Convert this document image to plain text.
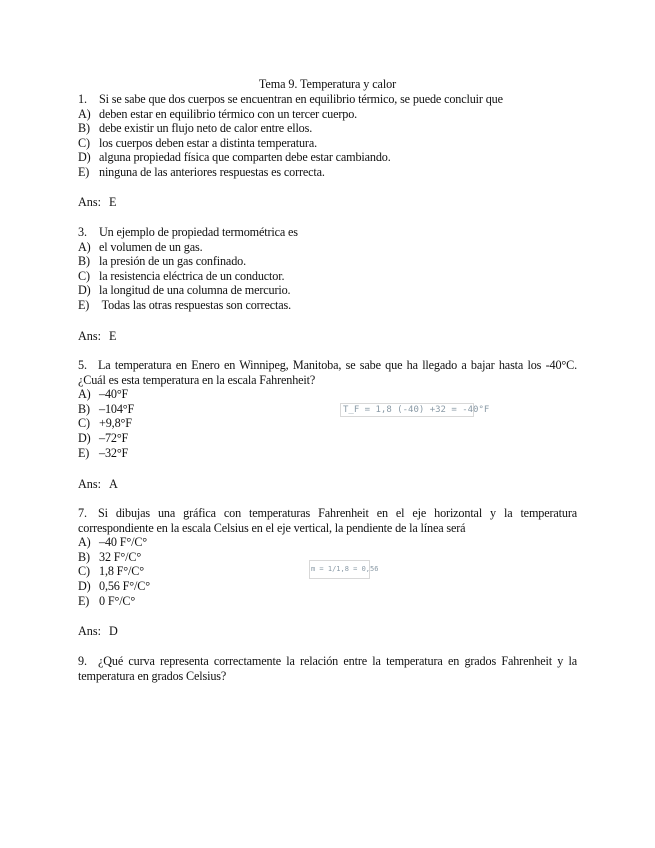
Tema 9. Temperatura y calor
1. Si se sabe que dos cuerpos se encuentran en equilibrio térmico, se puede concluir que
A) deben estar en equilibrio térmico con un tercer cuerpo.
B) debe existir un flujo neto de calor entre ellos.
C) los cuerpos deben estar a distinta temperatura.
D) alguna propiedad física que comparten debe estar cambiando.
E) ninguna de las anteriores respuestas es correcta.
Ans: E
3. Un ejemplo de propiedad termométrica es
A) el volumen de un gas.
B) la presión de un gas confinado.
C) la resistencia eléctrica de un conductor.
D) la longitud de una columna de mercurio.
E) Todas las otras respuestas son correctas.
Ans: E
5. La temperatura en Enero en Winnipeg, Manitoba, se sabe que ha llegado a bajar hasta los -40°C. ¿Cuál es esta temperatura en la escala Fahrenheit?
A) –40°F
B) –104°F
C) +9,8°F
D) –72°F
E) –32°F
Ans: A
T_F = 1,8 (-40) +32 = -40°F
7. Si dibujas una gráfica con temperaturas Fahrenheit en el eje horizontal y la temperatura correspondiente en la escala Celsius en el eje vertical, la pendiente de la línea será
A) –40 F°/C°
B) 32 F°/C°
C) 1,8 F°/C°
D) 0,56 F°/C°
E) 0 F°/C°
Ans: D
m = 1/1,8 = 0,56
9. ¿Qué curva representa correctamente la relación entre la temperatura en grados Fahrenheit y la temperatura en grados Celsius?
